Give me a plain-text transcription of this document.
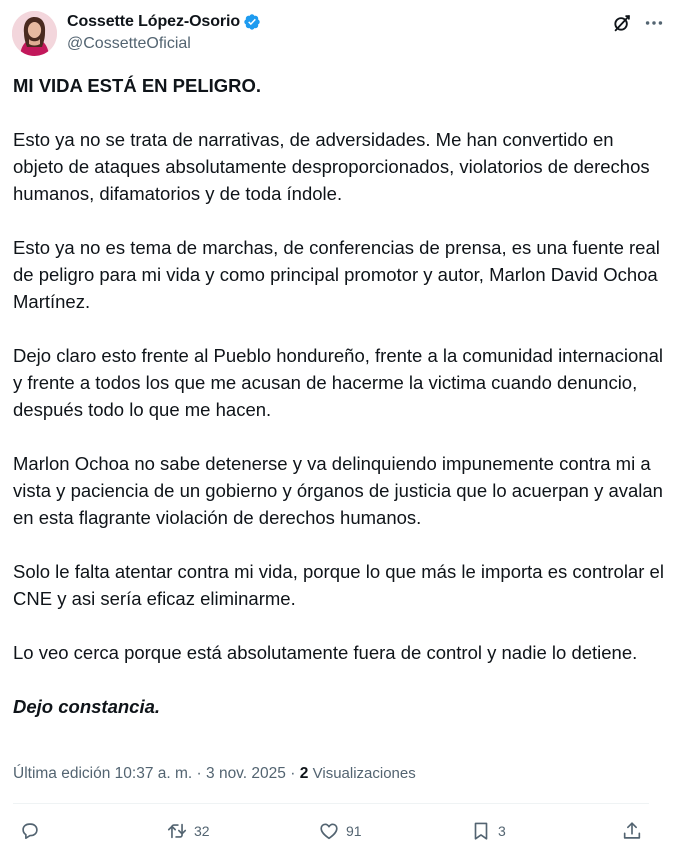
Cossette López-Osorio
@CossetteOficial

MI VIDA ESTÁ EN PELIGRO.

Esto ya no se trata de narrativas, de adversidades. Me han convertido en objeto de ataques absolutamente desproporcionados, violatorios de derechos humanos, difamatorios y de toda índole.

Esto ya no es tema de marchas, de conferencias de prensa, es una fuente real de peligro para mi vida y como principal promotor y autor, Marlon David Ochoa Martínez.

Dejo claro esto frente al Pueblo hondureño, frente a la comunidad internacional y frente a todos los que me acusan de hacerme la victima cuando denuncio, después todo lo que me hacen.

Marlon Ochoa no sabe detenerse y va delinquiendo impunemente contra mi a vista y paciencia de un gobierno y órganos de justicia que lo acuerpan y avalan en esta flagrante violación de derechos humanos.

Solo le falta atentar contra mi vida, porque lo que más le importa es controlar el CNE y asi sería eficaz eliminarme.

Lo veo cerca porque está absolutamente fuera de control y nadie lo detiene.

Dejo constancia.

Última edición 10:37 a. m. · 3 nov. 2025 · 2 Visualizaciones
32	91	3
